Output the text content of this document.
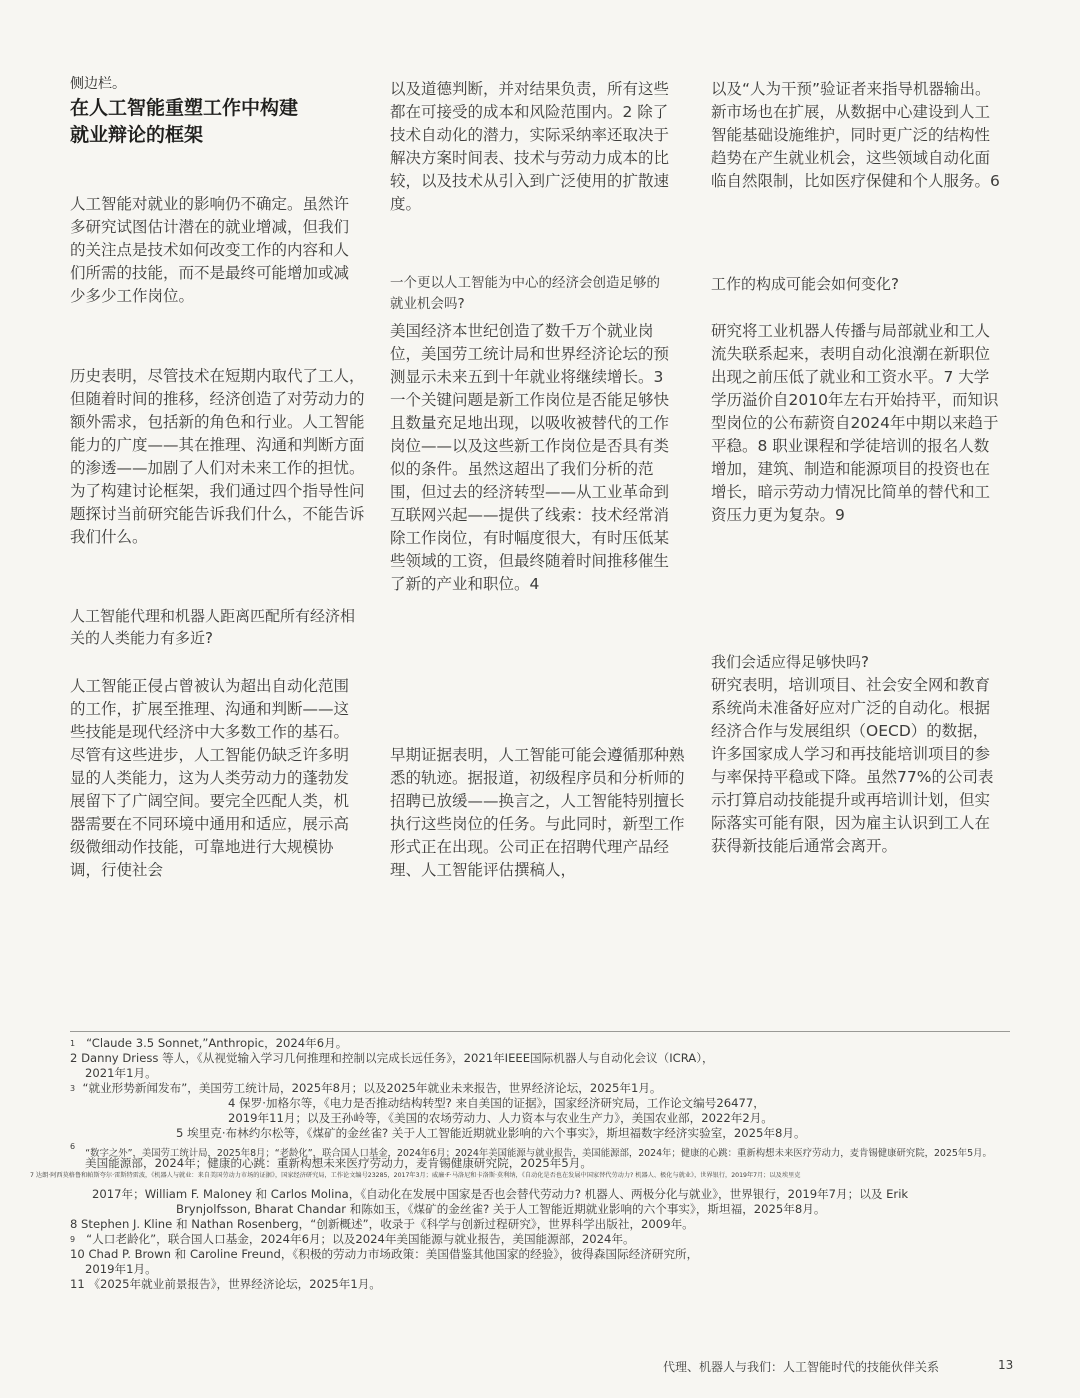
侧边栏。
在人工智能重塑工作中构建
就业辩论的框架

人工智能对就业的影响仍不确定。虽然许多研究试图估计潜在的就业增减，但我们的关注点是技术如何改变工作的内容和人们所需的技能，而不是最终可能增加或减少多少工作岗位。

历史表明，尽管技术在短期内取代了工人，但随着时间的推移，经济创造了对劳动力的额外需求，包括新的角色和行业。人工智能能力的广度——其在推理、沟通和判断方面的渗透——加剧了人们对未来工作的担忧。为了构建讨论框架，我们通过四个指导性问题探讨当前研究能告诉我们什么，不能告诉我们什么。

人工智能代理和机器人距离匹配所有经济相关的人类能力有多近?

人工智能正侵占曾被认为超出自动化范围的工作，扩展至推理、沟通和判断——这些技能是现代经济中大多数工作的基石。尽管有这些进步，人工智能仍缺乏许多明显的人类能力，这为人类劳动力的蓬勃发展留下了广阔空间。要完全匹配人类，机器需要在不同环境中通用和适应，展示高级微细动作技能，可靠地进行大规模协调，行使社会

以及道德判断，并对结果负责，所有这些都在可接受的成本和风险范围内。2 除了技术自动化的潜力，实际采纳率还取决于解决方案时间表、技术与劳动力成本的比较，以及技术从引入到广泛使用的扩散速度。

一个更以人工智能为中心的经济会创造足够的就业机会吗?

美国经济本世纪创造了数千万个就业岗位，美国劳工统计局和世界经济论坛的预测显示未来五到十年就业将继续增长。3 一个关键问题是新工作岗位是否能足够快且数量充足地出现，以吸收被替代的工作岗位——以及这些新工作岗位是否具有类似的条件。虽然这超出了我们分析的范围，但过去的经济转型——从工业革命到互联网兴起——提供了线索：技术经常消除工作岗位，有时幅度很大，有时压低某些领域的工资，但最终随着时间推移催生了新的产业和职位。4

早期证据表明，人工智能可能会遵循那种熟悉的轨迹。据报道，初级程序员和分析师的招聘已放缓——换言之，人工智能特别擅长执行这些岗位的任务。与此同时，新型工作形式正在出现。公司正在招聘代理产品经理、人工智能评估撰稿人，

以及“人为干预”验证者来指导机器输出。新市场也在扩展，从数据中心建设到人工智能基础设施维护，同时更广泛的结构性趋势在产生就业机会，这些领域自动化面临自然限制，比如医疗保健和个人服务。6

工作的构成可能会如何变化?

研究将工业机器人传播与局部就业和工人流失联系起来，表明自动化浪潮在新职位出现之前压低了就业和工资水平。7 大学学历溢价自2010年左右开始持平，而知识型岗位的公布薪资自2024年中期以来趋于平稳。8 职业课程和学徒培训的报名人数增加，建筑、制造和能源项目的投资也在增长，暗示劳动力情况比简单的替代和工资压力更为复杂。9

我们会适应得足够快吗?

研究表明，培训项目、社会安全网和教育系统尚未准备好应对广泛的自动化。根据经济合作与发展组织（OECD）的数据，许多国家成人学习和再技能培训项目的参与率保持平稳或下降。虽然77%的公司表示打算启动技能提升或再培训计划，但实际落实可能有限，因为雇主认识到工人在获得新技能后通常会离开。

$^1$ “Claude 3.5 Sonnet,”Anthropic，2024年6月。
2 Danny Driess 等人，《从视觉输入学习几何推理和控制以完成长远任务》，2021年IEEE国际机器人与自动化会议（ICRA），
2021年1月。
$^3$ “就业形势新闻发布”，美国劳工统计局，2025年8月；以及2025年就业未来报告，世界经济论坛，2025年1月。
4 保罗·加格尔等，《电力是否推动结构转型? 来自美国的证据》，国家经济研究局，工作论文编号26477，
2019年11月；以及王孙岭等，《美国的农场劳动力、人力资本与农业生产力》，美国农业部，2022年2月。
5 埃里克·布林约尔松等，《煤矿的金丝雀? 关于人工智能近期就业影响的六个事实》，斯坦福数字经济实验室，2025年8月。
$^6$  “数字之外”，美国劳工统计局，2025年8月；“老龄化”，联合国人口基金，2024年6月；2024年美国能源与就业报告，美国能源部，2024年；健康的心跳：重新构想未来医疗劳动力，麦肯锡健康研究院，2025年5月。
美国能源部，2024年；健康的心跳：重新构想未来医疗劳动力，麦肯锡健康研究院，2025年5月。
7 达朗·阿西莫格鲁和帕斯夸尔·雷斯特雷波，《机器人与就业：来自美国劳动力市场的证据》，国家经济研究局，工作论文编号23285，2017年3月；威廉·F·马洛尼和卡洛斯·莫利纳，《自动化是否也在发展中国家替代劳动力? 机器人、极化与就业》，世界银行，2019年7月；以及埃里克
2017年；William F. Maloney 和 Carlos Molina，《自动化在发展中国家是否也会替代劳动力? 机器人、两极分化与就业》，世界银行，2019年7月；以及 Erik
Brynjolfsson, Bharat Chandar 和陈如玉，《煤矿的金丝雀? 关于人工智能近期就业影响的六个事实》，斯坦福，2025年8月。
8 Stephen J. Kline 和 Nathan Rosenberg，“创新概述”，收录于《科学与创新过程研究》，世界科学出版社，2009年。
$^9$ “人口老龄化”，联合国人口基金，2024年6月；以及2024年美国能源与就业报告，美国能源部，2024年。
10 Chad P. Brown 和 Caroline Freund，《积极的劳动力市场政策：美国借鉴其他国家的经验》，彼得森国际经济研究所，
2019年1月。
11 《2025年就业前景报告》，世界经济论坛，2025年1月。
代理、机器人与我们：人工智能时代的技能伙伴关系	13
